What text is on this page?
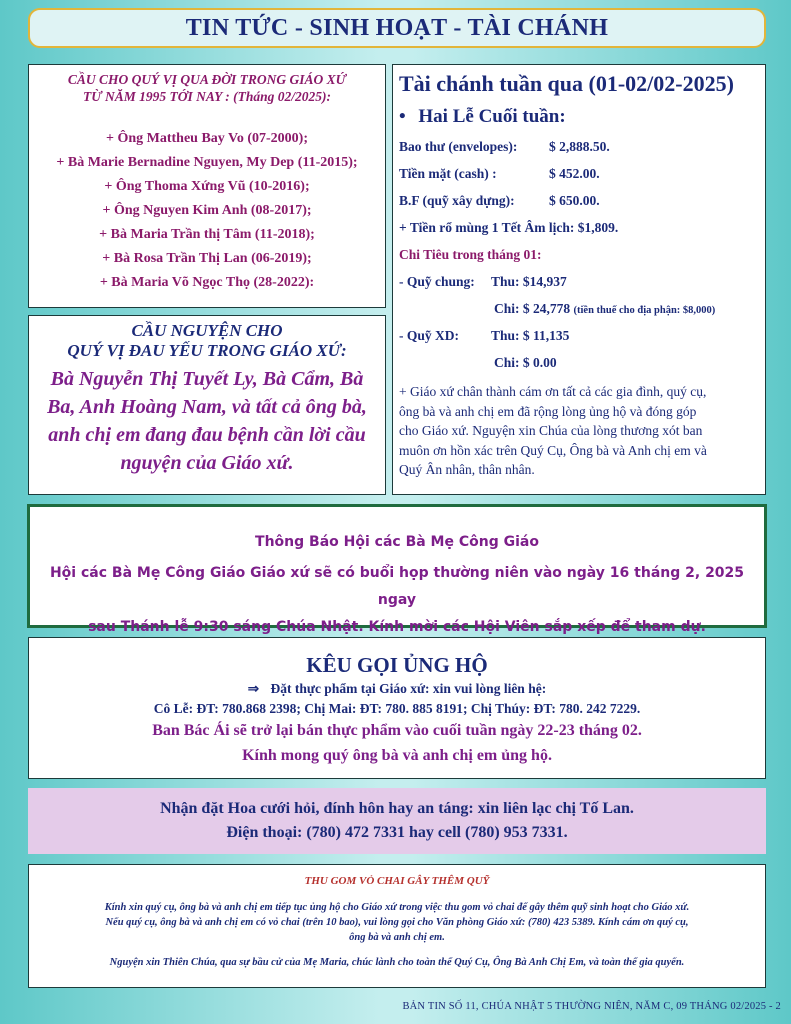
TIN TỨC - SINH HOẠT - TÀI CHÁNH
CẦU CHO QUÝ VỊ QUA ĐỜI TRONG GIÁO XỨ
TỪ NĂM 1995 TỚI NAY : (Tháng 02/2025):
+ Ông Mattheu Bay Vo (07-2000);
+ Bà Marie Bernadine Nguyen, My Dep (11-2015);
+ Ông Thoma Xứng Vũ (10-2016);
+ Ông Nguyen Kim Anh (08-2017);
+ Bà Maria Trần thị Tâm (11-2018);
+ Bà Rosa Trần Thị Lan (06-2019);
+ Bà Maria Võ Ngọc Thọ (28-2022):
CẦU NGUYỆN CHO
QUÝ VỊ ĐAU YẾU TRONG GIÁO XỨ:
Bà Nguyễn Thị Tuyết Ly, Bà Cẩm, Bà
Ba, Anh Hoàng Nam, và tất cả ông bà,
anh chị em đang đau bệnh cần lời cầu
nguyện của Giáo xứ.
Tài chánh tuần qua (01-02/02-2025)
• Hai Lễ Cuối tuần:
Bao thư (envelopes): $ 2,888.50.
Tiền mặt (cash) :	$ 452.00.
B.F (quỹ xây dựng):	$ 650.00.
+ Tiền rổ mùng 1 Tết Âm lịch: $1,809.
Chi Tiêu trong tháng 01:
- Quỹ chung: Thu: $14,937
Chi: $ 24,778 (tiền thuế cho địa phận: $8,000)
- Quỹ XD: Thu: $ 11,135
Chi: $ 0.00
+ Giáo xứ chân thành cám ơn tất cả các gia đình, quý cụ,
ông bà và anh chị em đã rộng lòng ủng hộ và đóng góp
cho Giáo xứ. Nguyện xin Chúa của lòng thương xót ban
muôn ơn hồn xác trên Quý Cụ, Ông bà và Anh chị em và
Quý Ân nhân, thân nhân.
Thông Báo Hội các Bà Mẹ Công Giáo
Hội các Bà Mẹ Công Giáo Giáo xứ sẽ có buổi họp thường niên vào ngày 16 tháng 2, 2025 ngay
sau Thánh lễ 9:30 sáng Chúa Nhật. Kính mời các Hội Viên sắp xếp để tham dự.
KÊU GỌI ỦNG HỘ
⇒ Đặt thực phẩm tại Giáo xứ: xin vui lòng liên hệ:
Cô Lễ: ĐT: 780.868 2398; Chị Mai: ĐT: 780. 885 8191; Chị Thúy: ĐT: 780. 242 7229.
Ban Bác Ái sẽ trở lại bán thực phẩm vào cuối tuần ngày 22-23 tháng 02.
Kính mong quý ông bà và anh chị em ủng hộ.
Nhận đặt Hoa cưới hỏi, đính hôn hay an táng: xin liên lạc chị Tố Lan.
Điện thoại: (780) 472 7331 hay cell (780) 953 7331.
THU GOM VỎ CHAI GÂY THÊM QUỸ

Kính xin quý cụ, ông bà và anh chị em tiếp tục ủng hộ cho Giáo xứ trong việc thu gom vỏ chai để gây thêm quỹ sinh hoạt cho Giáo xứ.
Nếu quý cụ, ông bà và anh chị em có vỏ chai (trên 10 bao), vui lòng gọi cho Văn phòng Giáo xứ: (780) 423 5389. Kính cám ơn quý cụ,
ông bà và anh chị em.

Nguyện xin Thiên Chúa, qua sự bầu cử của Mẹ Maria, chúc lành cho toàn thể Quý Cụ, Ông Bà Anh Chị Em, và toàn thể gia quyến.

BẢN TIN SỐ 11, CHÚA NHẬT 5 THƯỜNG NIÊN, NĂM C, 09 THÁNG 02/2025 - 2
